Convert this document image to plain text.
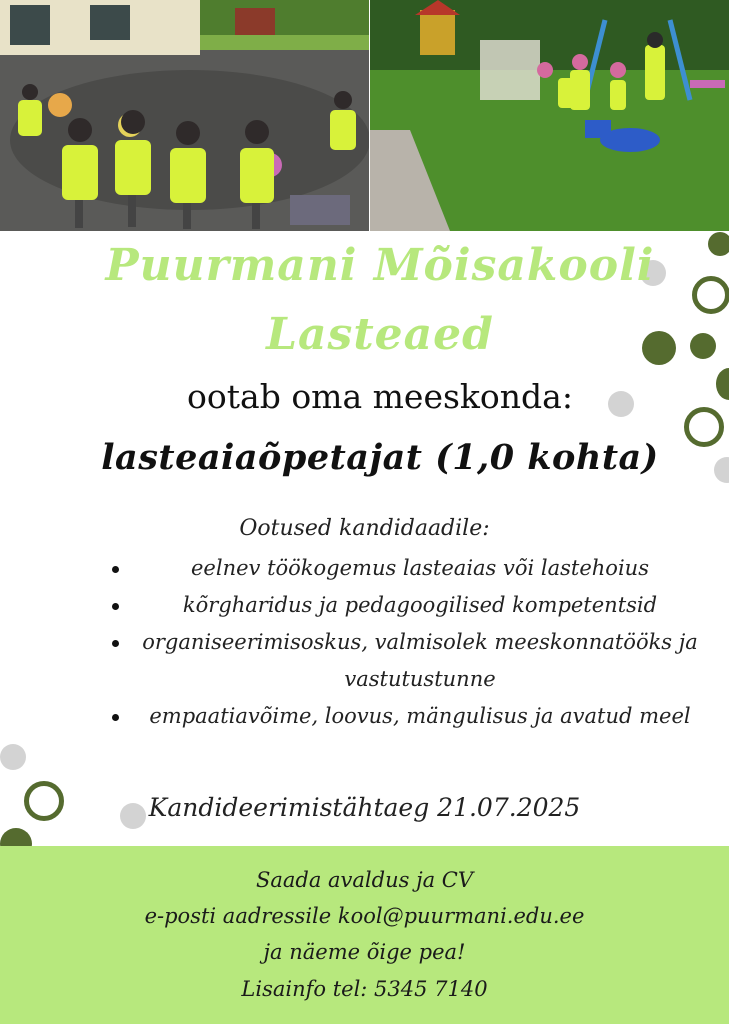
Puurmani Mõisakooli
Lasteaed
ootab oma meeskonda:
lasteaiaõpetajat (1,0 kohta)
Ootused kandidaadile:
eelnev töökogemus lasteaias või lastehoius
kõrgharidus ja pedagoogilised kompetentsid
organiseerimisoskus, valmisolek meeskonnatööks ja vastutustunne
empaatiavõime, loovus, mängulisus ja avatud meel
Kandideerimistähtaeg 21.07.2025
Saada avaldus ja CV
e-posti aadressile kool@puurmani.edu.ee
ja näeme õige pea!
Lisainfo tel: 5345 7140
